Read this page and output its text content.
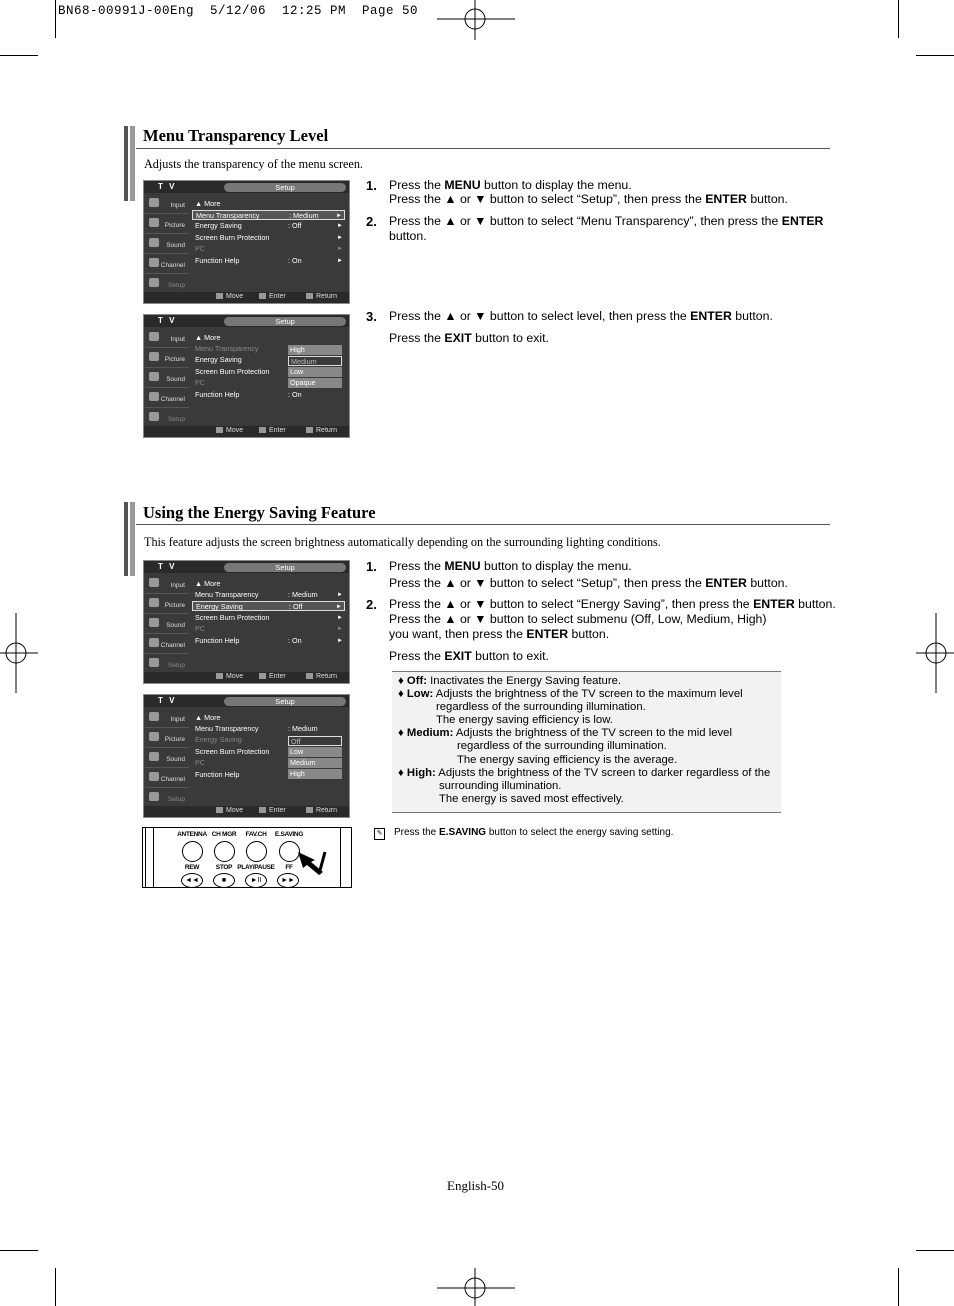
BN68-00991J-00Eng  5/12/06  12:25 PM  Page 50
Menu Transparency Level
Adjusts the transparency of the menu screen.
T V	Setup
Input
Picture
Sound
Channel
Setup
▲ More
Menu Transparency	: Medium	►
Energy Saving	: Off	►
Screen Burn Protection	►
PC	►
Function Help	: On	►
Move	Enter	Return
T V	Setup
Input
Picture
Sound
Channel
Setup
▲ More
Menu Transparency
Energy Saving
Screen Burn Protection
PC
Function Help	: On
High
Medium
Low
Opaque
Move	Enter	Return
1. Press the MENU button to display the menu.
Press the ▲ or ▼ button to select “Setup”, then press the ENTER button.
2. Press the ▲ or ▼ button to select “Menu Transparency”, then press the ENTER
button.
3. Press the ▲ or ▼ button to select level, then press the ENTER button.
Press the EXIT button to exit.
Using the Energy Saving Feature
This feature adjusts the screen brightness automatically depending on the surrounding lighting conditions.
T V	Setup
Input
Picture
Sound
Channel
Setup
▲ More
Menu Transparency	: Medium	►
Energy Saving	: Off	►
Screen Burn Protection	►
PC	►
Function Help	: On	►
Move	Enter	Return
T V	Setup
Input
Picture
Sound
Channel
Setup
▲ More
Menu Transparency	: Medium
Energy Saving
Screen Burn Protection
PC
Function Help
Off
Low
Medium
High
Move	Enter	Return
1. Press the MENU button to display the menu.
Press the ▲ or ▼ button to select “Setup”, then press the ENTER button.
2. Press the ▲ or ▼ button to select “Energy Saving”, then press the ENTER button.
Press the ▲ or ▼ button to select submenu (Off, Low, Medium, High)
you want, then press the ENTER button.
Press the EXIT button to exit.
♦ Off: Inactivates the Energy Saving feature.
♦ Low: Adjusts the brightness of the TV screen to the maximum level
regardless of the surrounding illumination.
The energy saving efficiency is low.
♦ Medium: Adjusts the brightness of the TV screen to the mid level
regardless of the surrounding illumination.
The energy saving efficiency is the average.
♦ High: Adjusts the brightness of the TV screen to darker regardless of the
surrounding illumination.
The energy is saved most effectively.
ANTENNA CH MGR	FAV.CH	E.SAVING
REW	STOP PLAY/PAUSE	FF
◄◄	■	►II	►►
✎ Press the E.SAVING button to select the energy saving setting.
English-50
